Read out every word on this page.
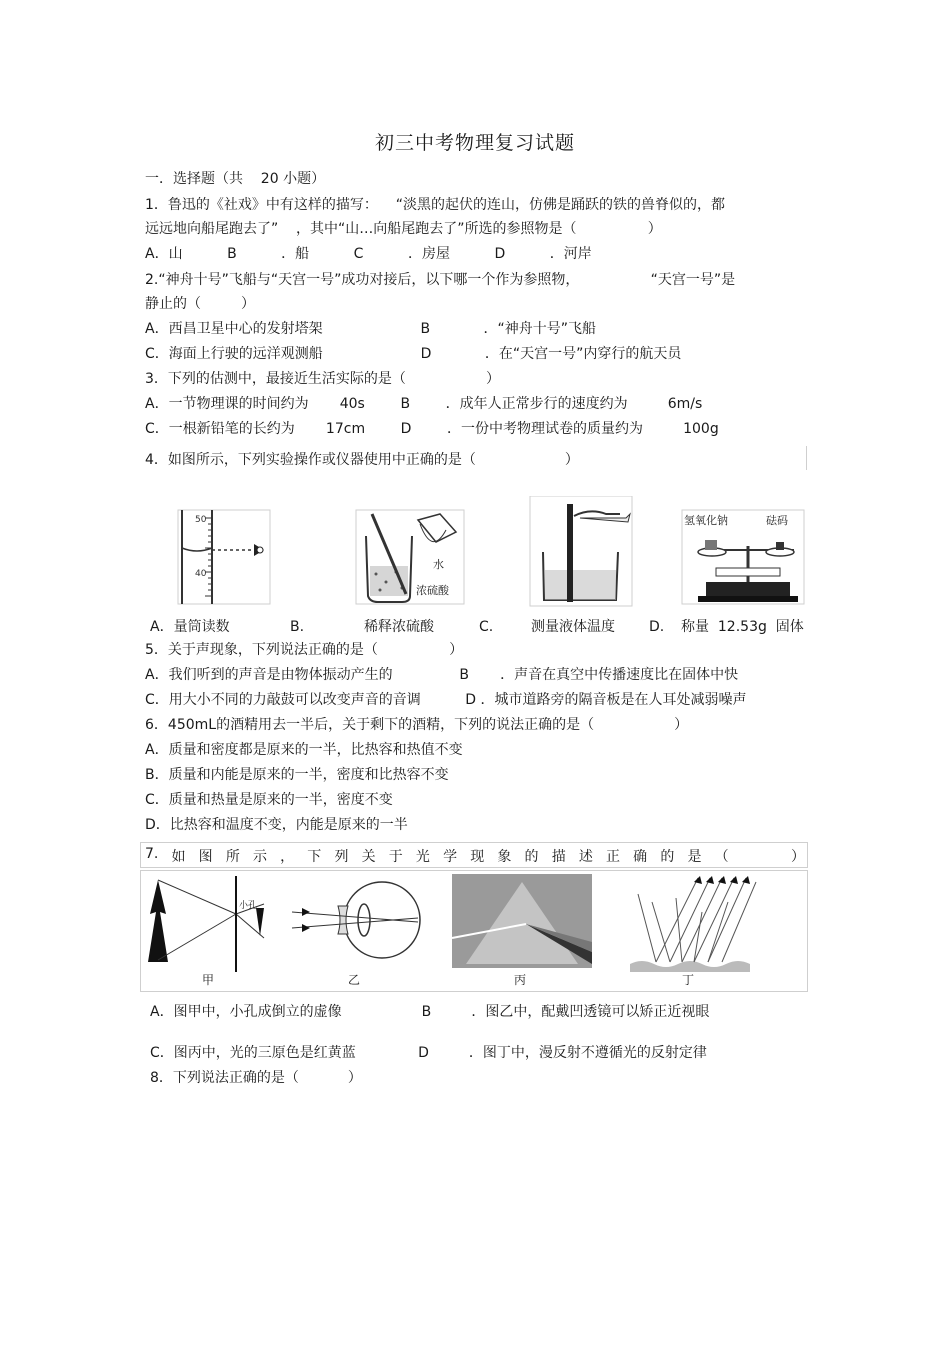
初三中考物理复习试题
一．选择题（共    20 小题）
1．鲁迅的《社戏》中有这样的描写：    “淡黑的起伏的连山，仿佛是踊跃的铁的兽脊似的，都
远远地向船尾跑去了”    ，其中“山…向船尾跑去了”所选的参照物是（                ）
A．山          B          ．船          C          ．房屋          D          ．河岸
2.“神舟十号”飞船与“天宫一号”成功对接后，以下哪一个作为参照物，                “天宫一号”是
静止的（         ）
A．西昌卫星中心的发射塔架                      B            ．“神舟十号”飞船
C．海面上行驶的远洋观测船                      D            ．在“天宫一号”内穿行的航天员
3．下列的估测中，最接近生活实际的是（                  ）
A．一节物理课的时间约为       40s        B        ．成年人正常步行的速度约为         6m/s
C．一根新铅笔的长约为       17cm        D        ．一份中考物理试卷的质量约为         100g
4．如图所示，下列实验操作或仪器使用中正确的是（                    ）
50
40
水
浓硫酸
氢氧化钠	砝码
A．量筒读数	B.	稀释浓硫酸	C.	测量液体温度 D. 称量  12.53g  固体
5．关于声现象，下列说法正确的是（                ）
A．我们听到的声音是由物体振动产生的               B       ．声音在真空中传播速度比在固体中快
C．用大小不同的力敲鼓可以改变声音的音调          D ．城市道路旁的隔音板是在人耳处减弱噪声
6．450mL的酒精用去一半后，关于剩下的酒精，下列的说法正确的是（                  ）
A．质量和密度都是原来的一半，比热容和热值不变
B．质量和内能是原来的一半，密度和比热容不变
C．质量和热量是原来的一半，密度不变
D．比热容和温度不变，内能是原来的一半
7. 如 图 所 示 ， 下 列 关 于 光 学 现 象 的 描 述 正 确 的 是 （	）
小孔
甲	乙	丙	丁
A．图甲中，小孔成倒立的虚像                  B         ．图乙中，配戴凹透镜可以矫正近视眼
C．图丙中，光的三原色是红黄蓝              D         ．图丁中，漫反射不遵循光的反射定律
8．下列说法正确的是（           ）
